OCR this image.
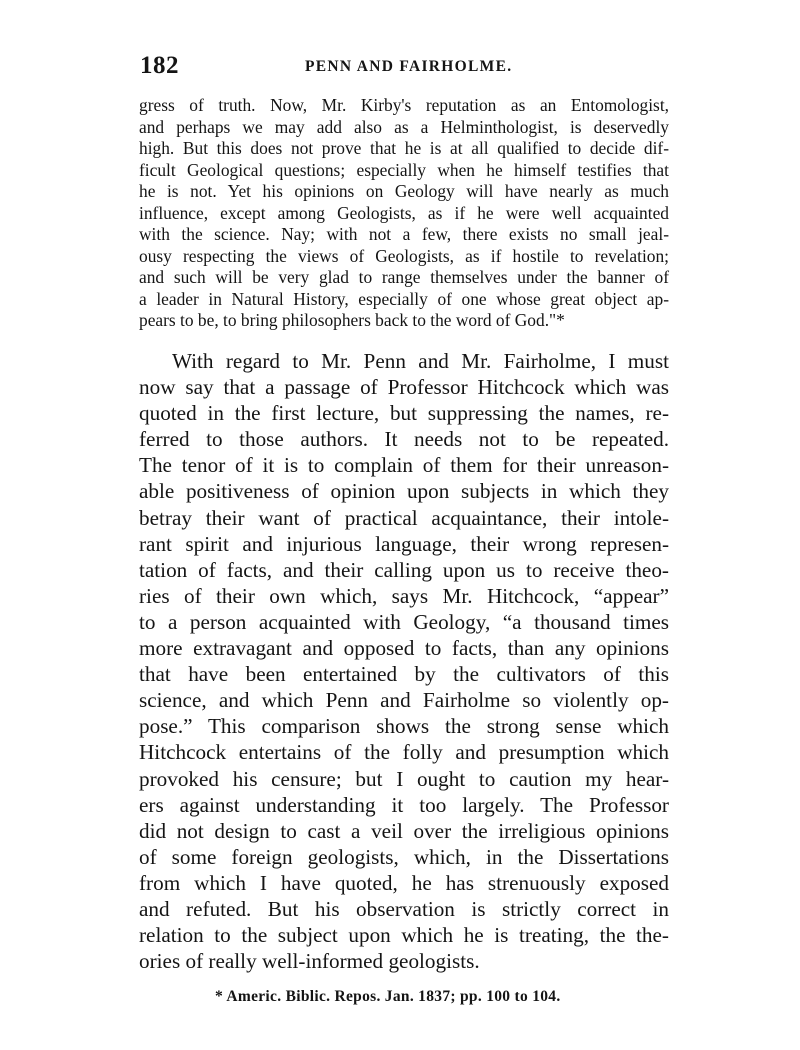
182	PENN AND FAIRHOLME.
gress of truth. Now, Mr. Kirby's reputation as an Entomologist,
and perhaps we may add also as a Helminthologist, is deservedly
high. But this does not prove that he is at all qualified to decide dif-
ficult Geological questions; especially when he himself testifies that
he is not. Yet his opinions on Geology will have nearly as much
influence, except among Geologists, as if he were well acquainted
with the science. Nay; with not a few, there exists no small jeal-
ousy respecting the views of Geologists, as if hostile to revelation;
and such will be very glad to range themselves under the banner of
a leader in Natural History, especially of one whose great object ap-
pears to be, to bring philosophers back to the word of God."*
With regard to Mr. Penn and Mr. Fairholme, I must
now say that a passage of Professor Hitchcock which was
quoted in the first lecture, but suppressing the names, re-
ferred to those authors. It needs not to be repeated.
The tenor of it is to complain of them for their unreason-
able positiveness of opinion upon subjects in which they
betray their want of practical acquaintance, their intole-
rant spirit and injurious language, their wrong represen-
tation of facts, and their calling upon us to receive theo-
ries of their own which, says Mr. Hitchcock, “appear”
to a person acquainted with Geology, “a thousand times
more extravagant and opposed to facts, than any opinions
that have been entertained by the cultivators of this
science, and which Penn and Fairholme so violently op-
pose.” This comparison shows the strong sense which
Hitchcock entertains of the folly and presumption which
provoked his censure; but I ought to caution my hear-
ers against understanding it too largely. The Professor
did not design to cast a veil over the irreligious opinions
of some foreign geologists, which, in the Dissertations
from which I have quoted, he has strenuously exposed
and refuted. But his observation is strictly correct in
relation to the subject upon which he is treating, the the-
ories of really well-informed geologists.
* Americ. Biblic. Repos. Jan. 1837; pp. 100 to 104.
